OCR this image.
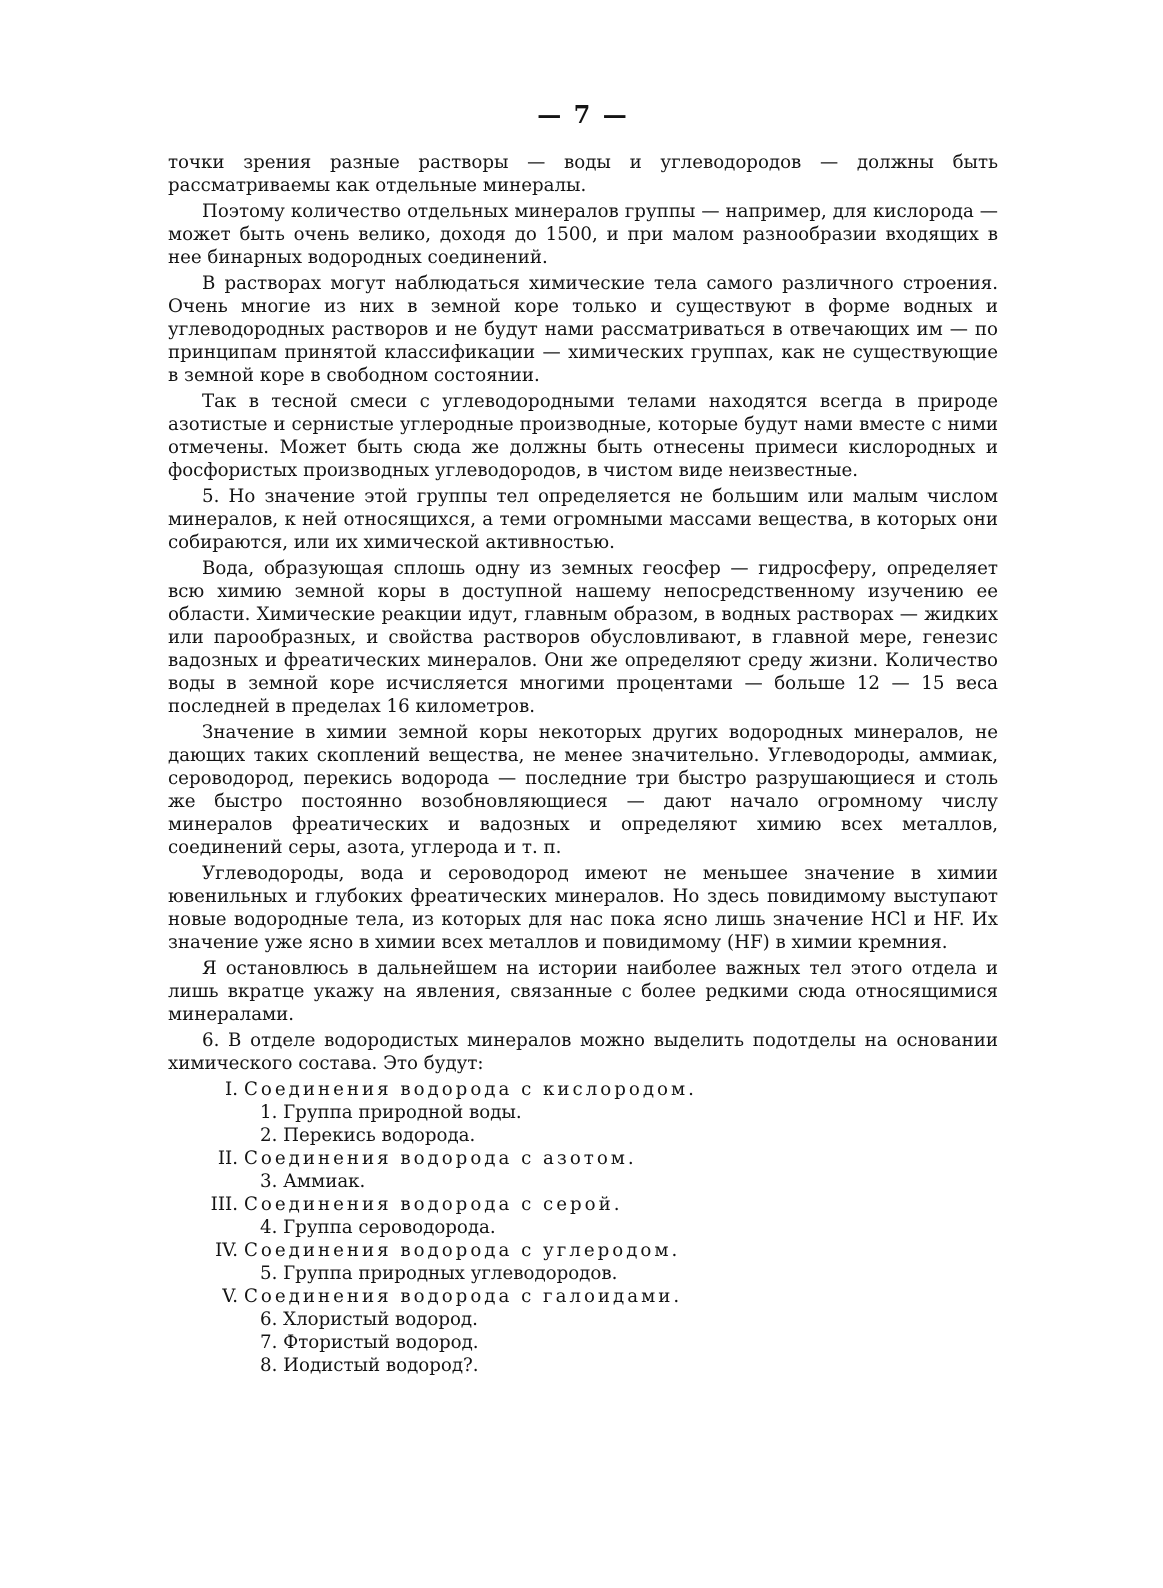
— 7 —

точки зрения разные растворы — воды и углеводородов — должны быть рассматриваемы как отдельные минералы.

Поэтому количество отдельных минералов группы — например, для кислорода — может быть очень велико, доходя до 1500, и при малом разнообразии входящих в нее бинарных водородных соединений.

В растворах могут наблюдаться химические тела самого различного строения. Очень многие из них в земной коре только и существуют в форме водных и углеводородных растворов и не будут нами рассматриваться в отвечающих им — по принципам принятой классификации — химических группах, как не существующие в земной коре в свободном состоянии.

Так в тесной смеси с углеводородными телами находятся всегда в природе азотистые и сернистые углеродные производные, которые будут нами вместе с ними отмечены. Может быть сюда же должны быть отнесены примеси кислородных и фосфористых производных углеводородов, в чистом виде неизвестные.

5. Но значение этой группы тел определяется не большим или малым числом минералов, к ней относящихся, а теми огромными массами вещества, в которых они собираются, или их химической активностью.

Вода, образующая сплошь одну из земных геосфер — гидросферу, определяет всю химию земной коры в доступной нашему непосредственному изучению ее области. Химические реакции идут, главным образом, в водных растворах — жидких или парообразных, и свойства растворов обусловливают, в главной мере, генезис вадозных и фреатических минералов. Они же определяют среду жизни. Количество воды в земной коре исчисляется многими процентами — больше 12 — 15 веса последней в пределах 16 километров.

Значение в химии земной коры некоторых других водородных минералов, не дающих таких скоплений вещества, не менее значительно. Углеводороды, аммиак, сероводород, перекись водорода — последние три быстро разрушающиеся и столь же быстро постоянно возобновляющиеся — дают начало огромному числу минералов фреатических и вадозных и определяют химию всех металлов, соединений серы, азота, углерода и т. п.

Углеводороды, вода и сероводород имеют не меньшее значение в химии ювенильных и глубоких фреатических минералов. Но здесь повидимому выступают новые водородные тела, из которых для нас пока ясно лишь значение HCl и HF. Их значение уже ясно в химии всех металлов и повидимому (HF) в химии кремния.

Я остановлюсь в дальнейшем на истории наиболее важных тел этого отдела и лишь вкратце укажу на явления, связанные с более редкими сюда относящимися минералами.

6. В отделе водородистых минералов можно выделить подотделы на основании химического состава. Это будут:

I. Соединения водорода с кислородом.

1. Группа природной воды.

2. Перекись водорода.

II. Соединения водорода с азотом.

3. Аммиак.

III. Соединения водорода с серой.

4. Группа сероводорода.

IV. Соединения водорода с углеродом.

5. Группа природных углеводородов.

V. Соединения водорода с галоидами.

6. Хлористый водород.

7. Фтористый водород.

8. Иодистый водород?.
